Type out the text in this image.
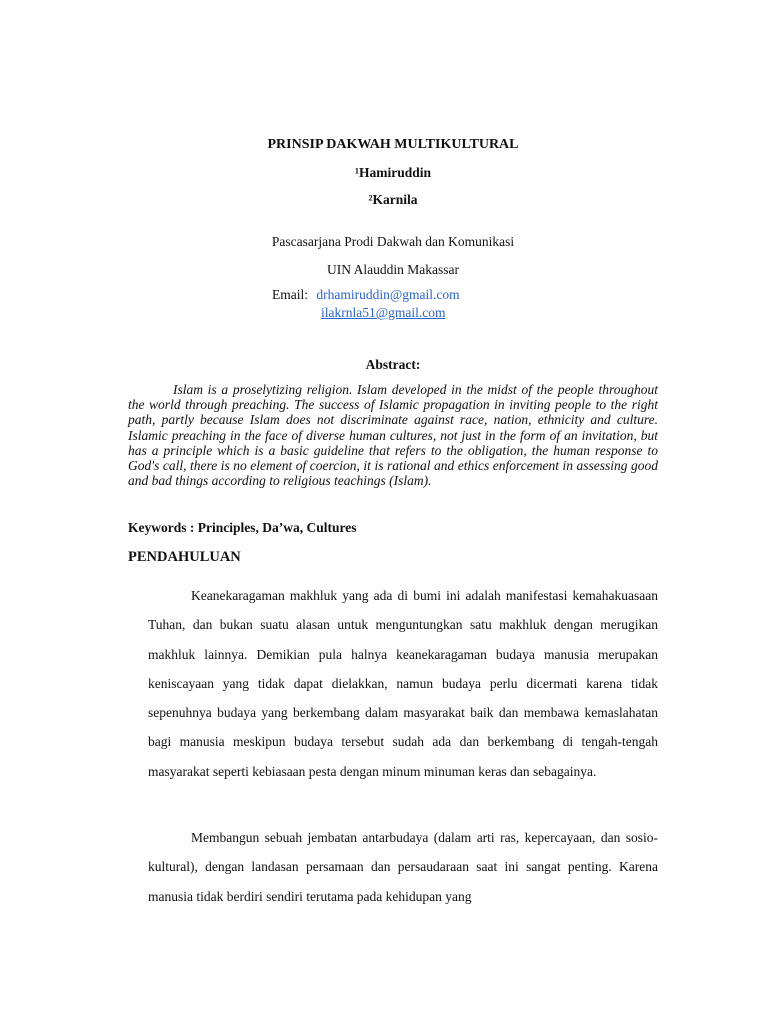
PRINSIP DAKWAH MULTIKULTURAL
¹Hamiruddin
²Karnila
Pascasarjana Prodi Dakwah dan Komunikasi
UIN Alauddin Makassar
Email: drhamiruddin@gmail.com
ilakrnla51@gmail.com
Abstract:
Islam is a proselytizing religion. Islam developed in the midst of the people throughout the world through preaching. The success of Islamic propagation in inviting people to the right path, partly because Islam does not discriminate against race, nation, ethnicity and culture. Islamic preaching in the face of diverse human cultures, not just in the form of an invitation, but has a principle which is a basic guideline that refers to the obligation, the human response to God's call, there is no element of coercion, it is rational and ethics enforcement in assessing good and bad things according to religious teachings (Islam).
Keywords : Principles, Da’wa, Cultures
PENDAHULUAN
Keanekaragaman makhluk yang ada di bumi ini adalah manifestasi kemahakuasaan Tuhan, dan bukan suatu alasan untuk menguntungkan satu makhluk dengan merugikan makhluk lainnya. Demikian pula halnya keanekaragaman budaya manusia merupakan keniscayaan yang tidak dapat dielakkan, namun budaya perlu dicermati karena tidak sepenuhnya budaya yang berkembang dalam masyarakat baik dan membawa kemaslahatan bagi manusia meskipun budaya tersebut sudah ada dan berkembang di tengah-tengah masyarakat seperti kebiasaan pesta dengan minum minuman keras dan sebagainya.
Membangun sebuah jembatan antarbudaya (dalam arti ras, kepercayaan, dan sosio-kultural), dengan landasan persamaan dan persaudaraan saat ini sangat penting. Karena manusia tidak berdiri sendiri terutama pada kehidupan yang
